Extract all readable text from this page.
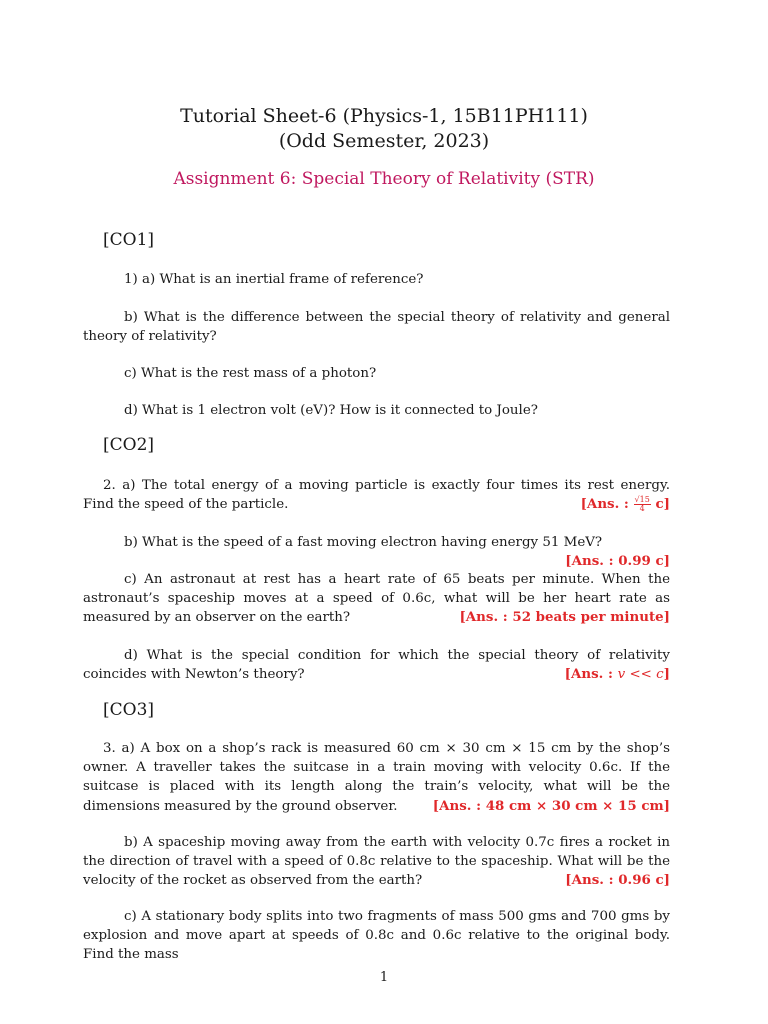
Tutorial Sheet-6 (Physics-1, 15B11PH111)
(Odd Semester, 2023)
Assignment 6: Special Theory of Relativity (STR)
[CO1]
1) a) What is an inertial frame of reference?
b) What is the difference between the special theory of relativity and general theory of relativity?
c) What is the rest mass of a photon?
d) What is 1 electron volt (eV)? How is it connected to Joule?
[CO2]
2. a) The total energy of a moving particle is exactly four times its rest energy. Find the speed of the particle.	[Ans. : $\frac{√15}{4} c$]
b) What is the speed of a fast moving electron having energy 51 MeV?
[Ans. : 0.99 c]
c) An astronaut at rest has a heart rate of 65 beats per minute. When the astronaut’s spaceship moves at a speed of 0.6c, what will be her heart rate as measured by an observer on the earth?	[Ans. : 52 beats per minute]
d) What is the special condition for which the special theory of relativity coincides with Newton’s theory?	[Ans. : v << c]
[CO3]
3. a) A box on a shop’s rack is measured 60 cm × 30 cm × 15 cm by the shop’s owner. A traveller takes the suitcase in a train moving with velocity 0.6c. If the suitcase is placed with its length along the train’s velocity, what will be the dimensions measured by the ground observer.	[Ans. : 48 cm × 30 cm × 15 cm]
b) A spaceship moving away from the earth with velocity 0.7c fires a rocket in the direction of travel with a speed of 0.8c relative to the spaceship. What will be the velocity of the rocket as observed from the earth?	[Ans. : 0.96 c]
c) A stationary body splits into two fragments of mass 500 gms and 700 gms by explosion and move apart at speeds of 0.8c and 0.6c relative to the original body. Find the mass
1
